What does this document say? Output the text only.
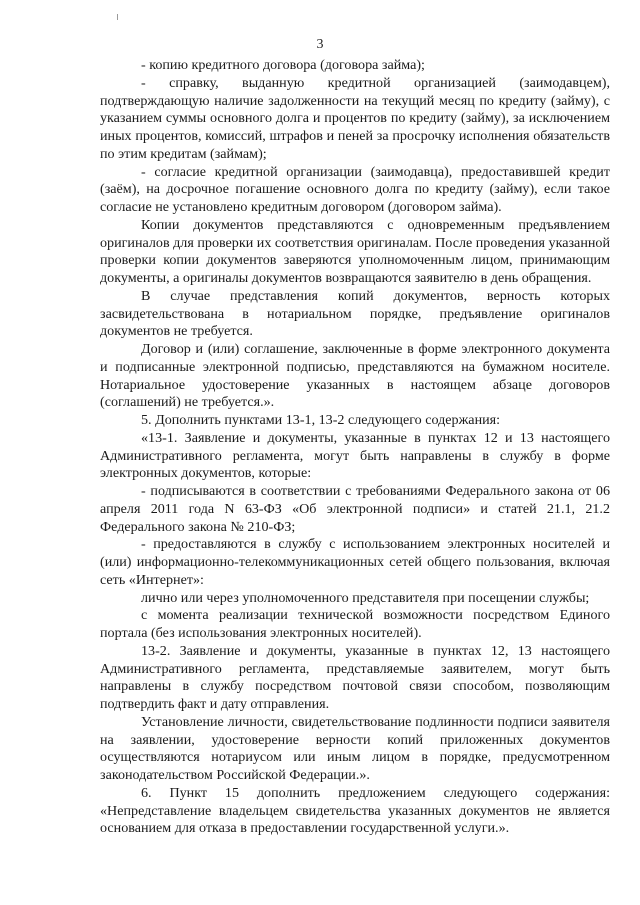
3

- копию кредитного договора (договора займа);

- справку, выданную кредитной организацией (заимодавцем), подтверждающую наличие задолженности на текущий месяц по кредиту (займу), с указанием суммы основного долга и процентов по кредиту (займу), за исключением иных процентов, комиссий, штрафов и пеней за просрочку исполнения обязательств по этим кредитам (займам);

- согласие кредитной организации (заимодавца), предоставившей кредит (заём), на досрочное погашение основного долга по кредиту (займу), если такое согласие не установлено кредитным договором (договором займа).

Копии документов представляются с одновременным предъявлением оригиналов для проверки их соответствия оригиналам. После проведения указанной проверки копии документов заверяются уполномоченным лицом, принимающим документы, а оригиналы документов возвращаются заявителю в день обращения.

В случае представления копий документов, верность которых засвидетельствована в нотариальном порядке, предъявление оригиналов документов не требуется.

Договор и (или) соглашение, заключенные в форме электронного документа и подписанные электронной подписью, представляются на бумажном носителе. Нотариальное удостоверение указанных в настоящем абзаце договоров (соглашений) не требуется.».

5. Дополнить пунктами 13-1, 13-2 следующего содержания:

«13-1. Заявление и документы, указанные в пунктах 12 и 13 настоящего Административного регламента, могут быть направлены в службу в форме электронных документов, которые:

- подписываются в соответствии с требованиями Федерального закона от 06 апреля 2011 года N 63-ФЗ «Об электронной подписи» и статей 21.1, 21.2 Федерального закона № 210-ФЗ;

- предоставляются в службу с использованием электронных носителей и (или) информационно-телекоммуникационных сетей общего пользования, включая сеть «Интернет»:

лично или через уполномоченного представителя при посещении службы;

с момента реализации технической возможности посредством Единого портала (без использования электронных носителей).

13-2. Заявление и документы, указанные в пунктах 12, 13 настоящего Административного регламента, представляемые заявителем, могут быть направлены в службу посредством почтовой связи способом, позволяющим подтвердить факт и дату отправления.

Установление личности, свидетельствование подлинности подписи заявителя на заявлении, удостоверение верности копий приложенных документов осуществляются нотариусом или иным лицом в порядке, предусмотренном законодательством Российской Федерации.».

6. Пункт 15 дополнить предложением следующего содержания: «Непредставление владельцем свидетельства указанных документов не является основанием для отказа в предоставлении государственной услуги.».
